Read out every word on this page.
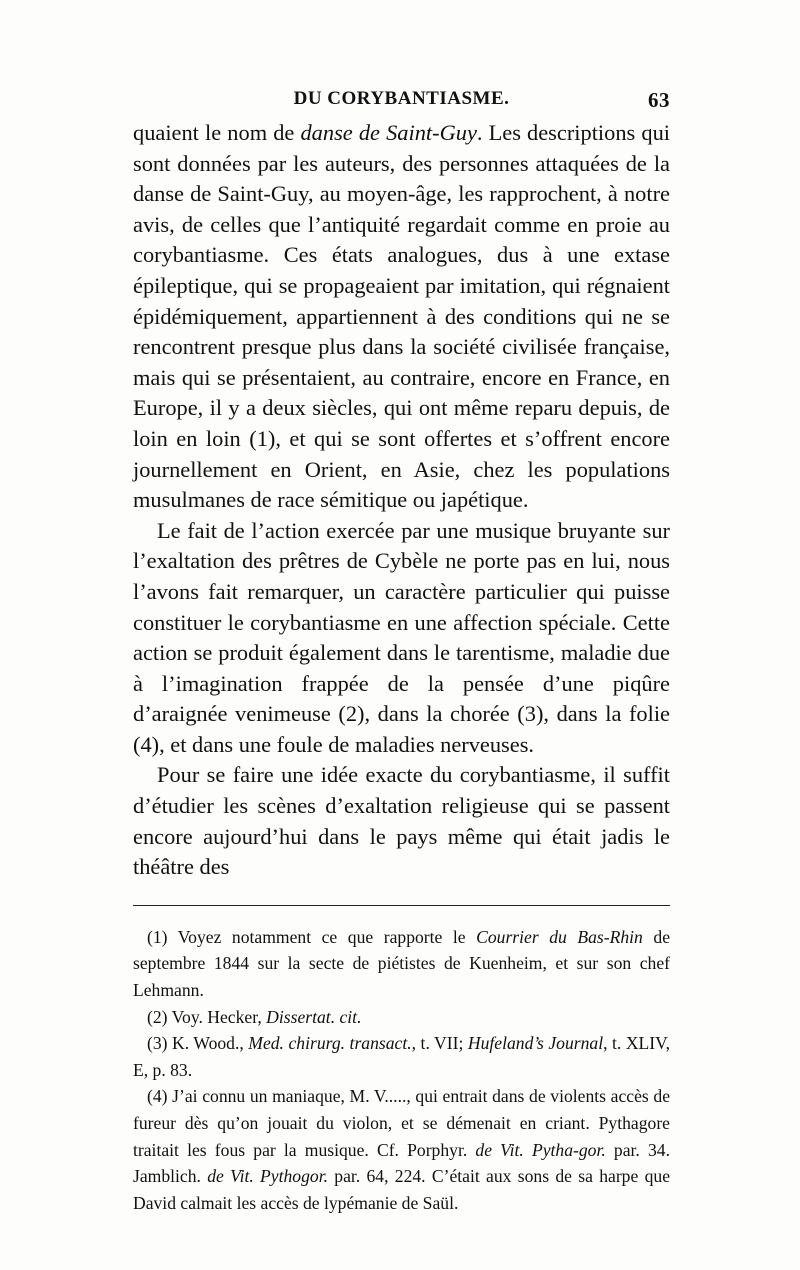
DU CORYBANTIASME.	63

quaient le nom de danse de Saint-Guy. Les descriptions qui sont données par les auteurs, des personnes attaquées de la danse de Saint-Guy, au moyen-âge, les rapprochent, à notre avis, de celles que l’antiquité regardait comme en proie au corybantiasme. Ces états analogues, dus à une extase épileptique, qui se propageaient par imitation, qui régnaient épidémiquement, appartiennent à des conditions qui ne se rencontrent presque plus dans la société civilisée française, mais qui se présentaient, au contraire, encore en France, en Europe, il y a deux siècles, qui ont même reparu depuis, de loin en loin (1), et qui se sont offertes et s’offrent encore journellement en Orient, en Asie, chez les populations musulmanes de race sémitique ou japétique.

Le fait de l’action exercée par une musique bruyante sur l’exaltation des prêtres de Cybèle ne porte pas en lui, nous l’avons fait remarquer, un caractère particulier qui puisse constituer le corybantiasme en une affection spéciale. Cette action se produit également dans le tarentisme, maladie due à l’imagination frappée de la pensée d’une piqûre d’araignée venimeuse (2), dans la chorée (3), dans la folie (4), et dans une foule de maladies nerveuses.

Pour se faire une idée exacte du corybantiasme, il suffit d’étudier les scènes d’exaltation religieuse qui se passent encore aujourd’hui dans le pays même qui était jadis le théâtre des

(1) Voyez notamment ce que rapporte le Courrier du Bas-Rhin de septembre 1844 sur la secte de piétistes de Kuenheim, et sur son chef Lehmann.

(2) Voy. Hecker, Dissertat. cit.

(3) K. Wood., Med. chirurg. transact., t. VII; Hufeland’s Journal, t. XLIV, E, p. 83.

(4) J’ai connu un maniaque, M. V....., qui entrait dans de violents accès de fureur dès qu’on jouait du violon, et se démenait en criant. Pythagore traitait les fous par la musique. Cf. Porphyr. de Vit. Pytha-gor. par. 34. Jamblich. de Vit. Pythogor. par. 64, 224. C’était aux sons de sa harpe que David calmait les accès de lypémanie de Saül.
